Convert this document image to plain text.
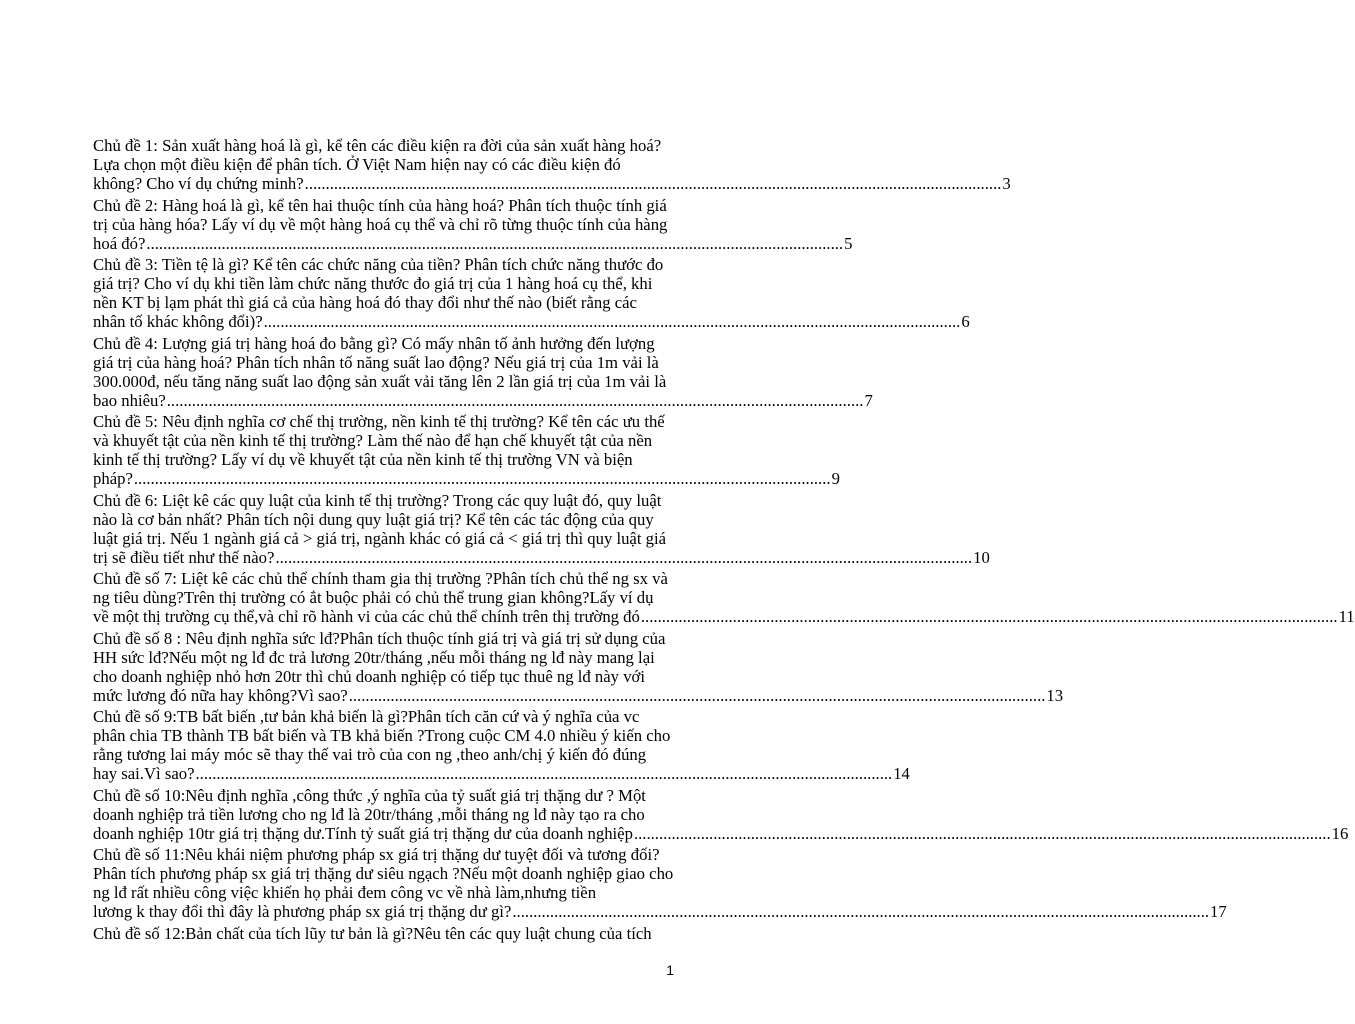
Chủ đề 1: Sản xuất hàng hoá là gì, kể tên các điều kiện ra đời của sản xuất hàng hoá? Lựa chọn một điều kiện để phân tích. Ở Việt Nam hiện nay có các điều kiện đó
không? Cho ví dụ chứng minh? ....................................................................................................................................................................... 3
Chủ đề 2: Hàng hoá là gì, kể tên hai thuộc tính của hàng hoá? Phân tích thuộc tính giá trị của hàng hóa? Lấy ví dụ về một hàng hoá cụ thể và chỉ rõ từng thuộc tính của hàng
hoá đó? ....................................................................................................................................................................... 5
Chủ đề 3: Tiền tệ là gì? Kể tên các chức năng của tiền? Phân tích chức năng thước đo giá trị? Cho ví dụ khi tiền làm chức năng thước đo giá trị của 1 hàng hoá cụ thể, khi nền KT bị lạm phát thì giá cả của hàng hoá đó thay đổi như thế nào (biết rằng các
nhân tố khác không đổi)? ....................................................................................................................................................................... 6
Chủ đề 4: Lượng giá trị hàng hoá đo bằng gì? Có mấy nhân tố ảnh hưởng đến lượng giá trị của hàng hoá? Phân tích nhân tố năng suất lao động? Nếu giá trị của 1m vải là 300.000đ, nếu tăng năng suất lao động sản xuất vải tăng lên 2 lần giá trị của 1m vải là
bao nhiêu? ....................................................................................................................................................................... 7
Chủ đề 5: Nêu định nghĩa cơ chế thị trường, nền kinh tế thị trường? Kể tên các ưu thế và khuyết tật của nền kinh tế thị trường? Làm thế nào để hạn chế khuyết tật của nền kinh tế thị trường? Lấy ví dụ về khuyết tật của nền kinh tế thị trường VN và biện
pháp? ....................................................................................................................................................................... 9
Chủ đề 6: Liệt kê các quy luật của kinh tế thị trường? Trong các quy luật đó, quy luật nào là cơ bản nhất? Phân tích nội dung quy luật giá trị? Kể tên các tác động của quy luật giá trị. Nếu 1 ngành giá cả > giá trị, ngành khác có giá cả < giá trị thì quy luật giá
trị sẽ điều tiết như thế nào? ....................................................................................................................................................................... 10
Chủ đề số 7: Liệt kê các chủ thể chính tham gia thị trường ?Phân tích chủ thể ng sx và ng tiêu dùng?Trên thị trường có ắt buộc phải có chủ thể trung gian không?Lấy ví dụ
về một thị trường cụ thể,và chỉ rõ hành vi của các chủ thể chính trên thị trường đó ....................................................................................................................................................................... 11
Chủ đề số 8 : Nêu định nghĩa sức lđ?Phân tích thuộc tính giá trị và giá trị sử dụng của HH sức lđ?Nếu một ng lđ đc trả lương 20tr/tháng ,nếu mỗi tháng ng lđ này mang lại cho doanh nghiệp nhỏ hơn 20tr thì chủ doanh nghiệp có tiếp tục thuê ng lđ này với
mức lương đó nữa hay không?Vì sao? ....................................................................................................................................................................... 13
Chủ đề số 9:TB bất biến ,tư bản khả biến là gì?Phân tích căn cứ và ý nghĩa của vc phân chia TB thành TB bất biến và TB khả biến ?Trong cuộc CM 4.0 nhiều ý kiến cho rằng tương lai máy móc sẽ thay thế vai trò của con ng ,theo anh/chị ý kiến đó đúng
hay sai.Vì sao? ....................................................................................................................................................................... 14
Chủ đề số 10:Nêu định nghĩa ,công thức ,ý nghĩa của tỷ suất giá trị thặng dư ? Một doanh nghiệp trả tiền lương cho ng lđ là 20tr/tháng ,mỗi tháng ng lđ này tạo ra cho
doanh nghiệp 10tr giá trị thặng dư.Tính tỷ suất giá trị thặng dư của doanh nghiệp ....................................................................................................................................................................... 16
Chủ đề số 11:Nêu khái niệm phương pháp sx giá trị thặng dư tuyệt đối và tương đối?Phân tích phương pháp sx giá trị thặng dư siêu ngạch ?Nếu một doanh nghiệp giao cho ng lđ rất nhiều công việc khiến họ phải đem công vc về nhà làm,nhưng tiền
lương k thay đổi thì đây là phương pháp sx giá trị thặng dư gì? ....................................................................................................................................................................... 17
Chủ đề số 12:Bản chất của tích lũy tư bản là gì?Nêu tên các quy luật chung của tích
1
